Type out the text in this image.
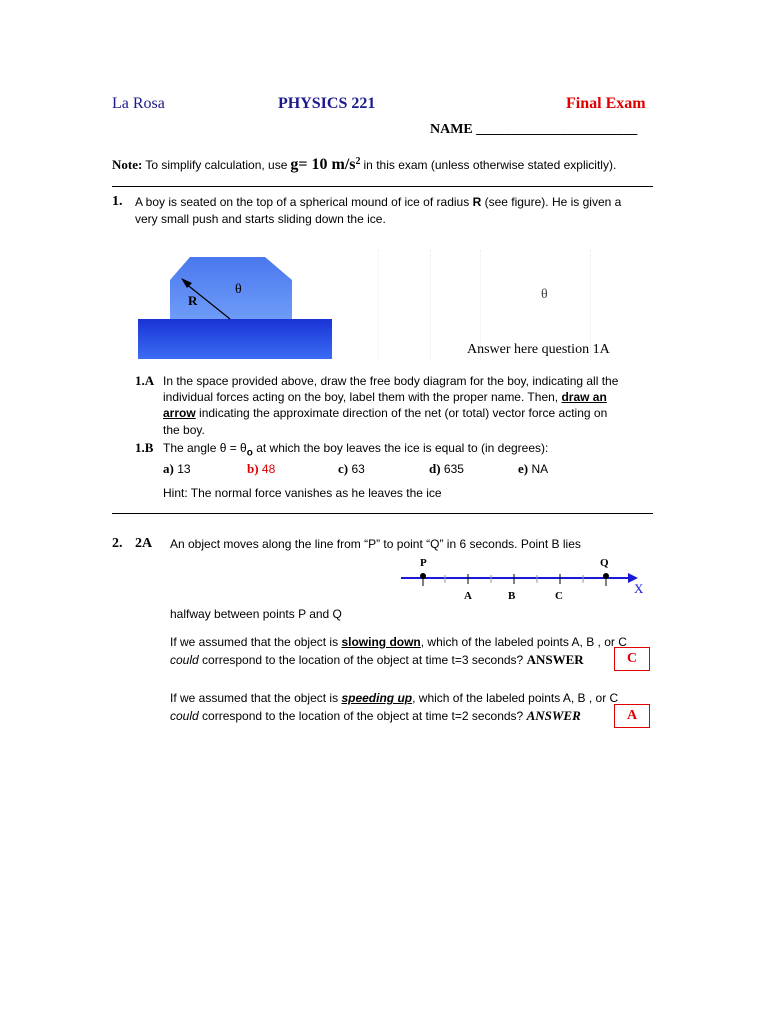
La Rosa	PHYSICS 221	Final Exam
NAME _______________________
Note: To simplify calculation, use g= 10 $m/s^2$ in this exam (unless otherwise stated explicitly).
1. A boy is seated on the top of a spherical mound of ice of radius R (see figure). He is given a
very small push and starts sliding down the ice.
R
θ	θ
Answer here question 1A
1.A In the space provided above, draw the free body diagram for the boy, indicating all the
individual forces acting on the boy, label them with the proper name. Then, draw an
arrow indicating the approximate direction of the net (or total) vector force acting on
the boy.
1.B The angle $\theta = \theta_o$ at which the boy leaves the ice is equal to (in degrees):
a) 13	b) 48	c) 63	d) 635	e) NA
Hint: The normal force vanishes as he leaves the ice
2. 2A An object moves along the line from “P” to point “Q” in 6 seconds. Point B lies
P	Q
A	B	C	X
halfway between points P and Q
If we assumed that the object is slowing down, which of the labeled points A, B , or C
could correspond to the location of the object at time t=3 seconds? ANSWER	C
If we assumed that the object is speeding up, which of the labeled points A, B , or C
could correspond to the location of the object at time t=2 seconds? ANSWER	A
